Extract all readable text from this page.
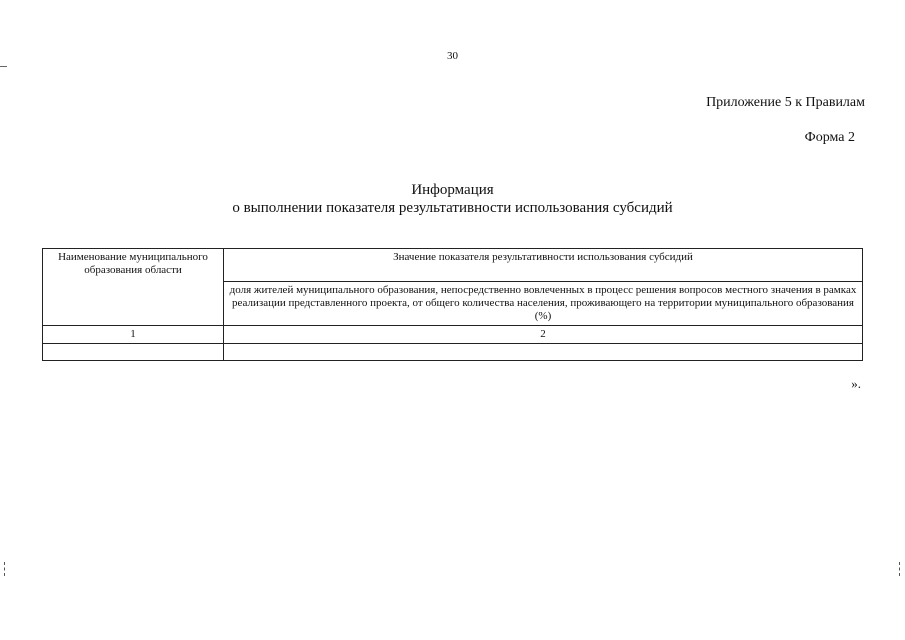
30
Приложение 5 к Правилам
Форма 2
Информация
о выполнении показателя результативности использования субсидий
Наименование муниципального образования области	Значение показателя результативности использования субсидий
	доля жителей муниципального образования, непосредственно вовлеченных в процесс решения вопросов местного значения в рамках реализации представленного проекта, от общего количества населения, проживающего на территории муниципального образования (%)
1	2

».
